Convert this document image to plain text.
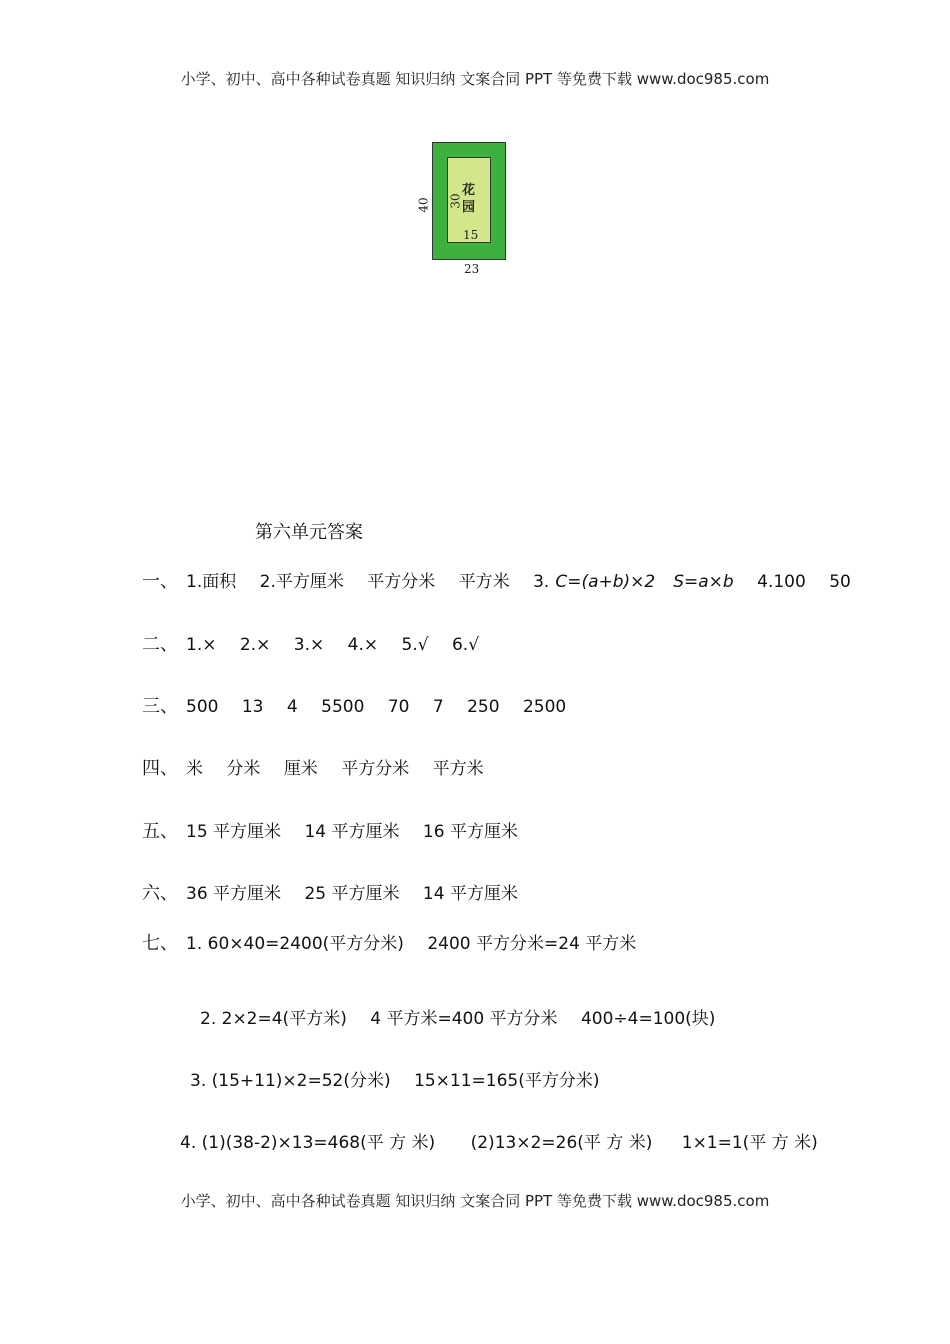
小学、初中、高中各种试卷真题 知识归纳 文案合同 PPT 等免费下载 www.doc985.com
花
园
30
15
40
23
第六单元答案
一、 1.面积 2.平方厘米 平方分米 平方米 3. C=(a+b)×2 S=a×b 4.100 50
二、 1.× 2.× 3.× 4.× 5.√ 6.√
三、 500 13 4 5500 70 7 250 2500
四、 米 分米 厘米 平方分米 平方米
五、 15 平方厘米 14 平方厘米 16 平方厘米
六、 36 平方厘米 25 平方厘米 14 平方厘米
七、 1. 60×40=2400(平方分米) 2400 平方分米=24 平方米
2. 2×2=4(平方米) 4 平方米=400 平方分米 400÷4=100(块)
3. (15+11)×2=52(分米) 15×11=165(平方分米)
4. (1)(38-2)×13=468(平 方 米) (2)13×2=26(平 方 米) 1×1=1(平 方 米)
小学、初中、高中各种试卷真题 知识归纳 文案合同 PPT 等免费下载 www.doc985.com
